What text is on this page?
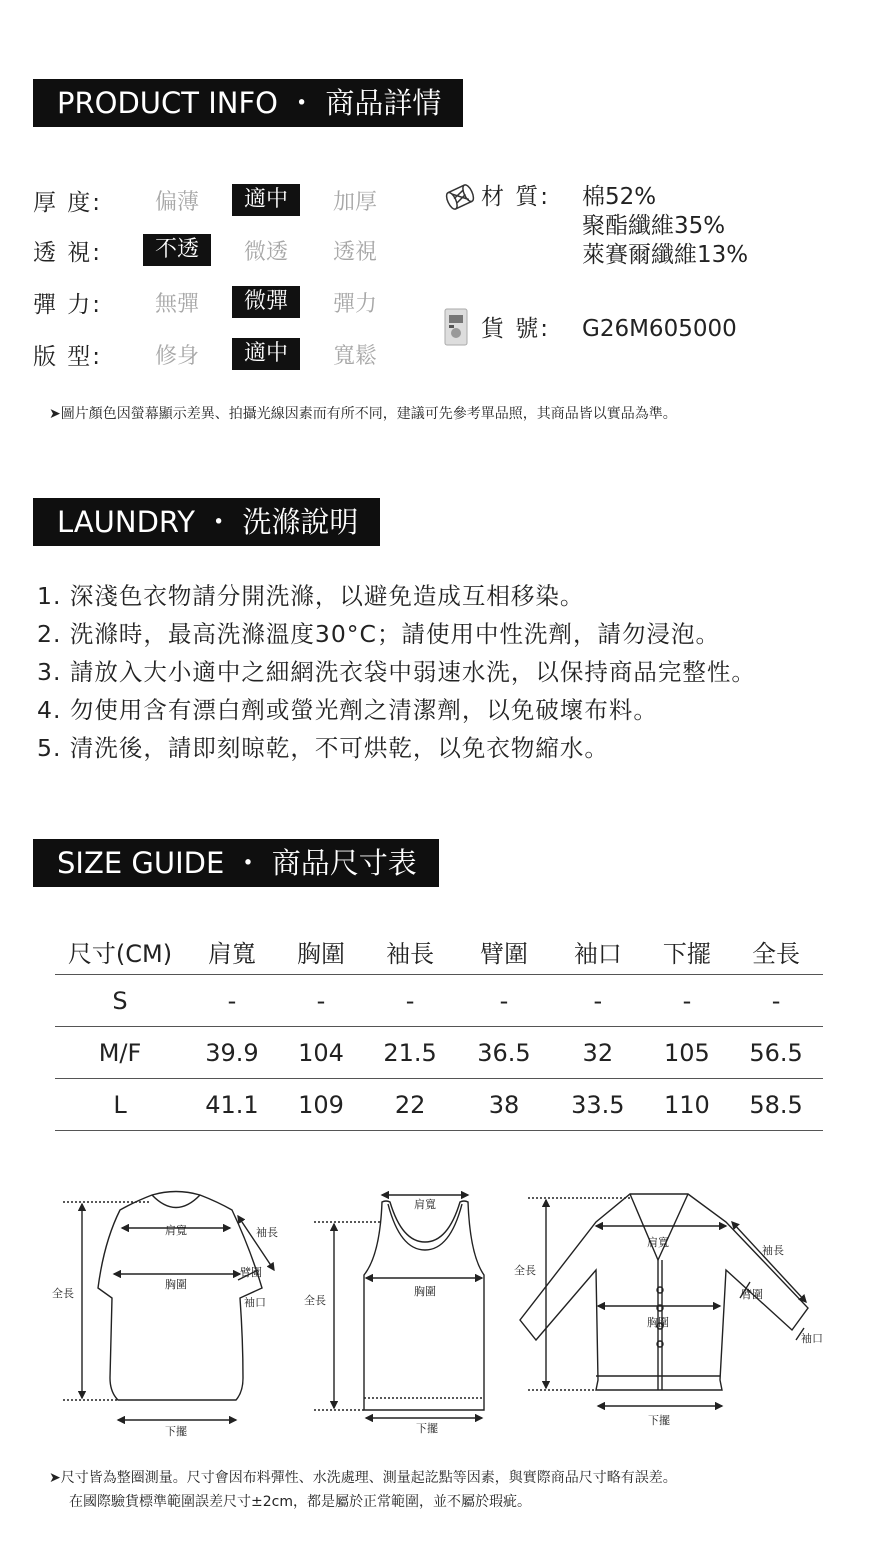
PRODUCT INFO ・ 商品詳情
厚 度:	偏薄	適中	加厚
透 視:	不透	微透	透視
彈 力:	無彈	微彈	彈力
版 型:	修身	適中	寬鬆
材 質:	棉52%
聚酯纖維35%
萊賽爾纖維13%
貨 號:	G26M605000
➤圖片顏色因螢幕顯示差異、拍攝光線因素而有所不同，建議可先參考單品照，其商品皆以實品為準。
LAUNDRY ・ 洗滌說明
1. 深淺色衣物請分開洗滌，以避免造成互相移染。
2. 洗滌時，最高洗滌溫度30°C；請使用中性洗劑，請勿浸泡。
3. 請放入大小適中之細網洗衣袋中弱速水洗，以保持商品完整性。
4. 勿使用含有漂白劑或螢光劑之清潔劑，以免破壞布料。
5. 清洗後，請即刻晾乾，不可烘乾，以免衣物縮水。
SIZE GUIDE ・ 商品尺寸表
尺寸(CM)	肩寬	胸圍	袖長	臂圍	袖口	下擺	全長
S	-	-	-	-	-	-	-
M/F	39.9	104	21.5	36.5	32	105	56.5
L	41.1	109	22	38	33.5	110	58.5
肩寬	袖長
臂圍
胸圍
袖口
全長
下擺
肩寬
胸圍
全長
下擺
肩寬
袖長
全長
臂圍
胸圍
袖口
下擺
➤尺寸皆為整圈測量。尺寸會因布料彈性、水洗處理、測量起訖點等因素，與實際商品尺寸略有誤差。
在國際驗貨標準範圍誤差尺寸±2cm，都是屬於正常範圍，並不屬於瑕疵。
